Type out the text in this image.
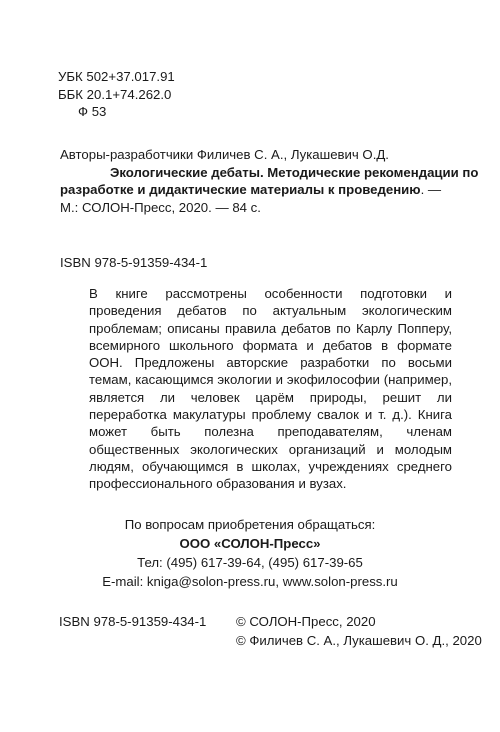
УБК 502+37.017.91
ББК 20.1+74.262.0
Ф 53
Авторы-разработчики Филичев С. А., Лукашевич О.Д.
Экологические дебаты. Методические рекомендации по
разработке и дидактические материалы к проведению. —
М.: СОЛОН-Пресс, 2020. — 84 с.
ISBN 978-5-91359-434-1

В книге рассмотрены особенности подготовки и проведения дебатов по актуальным экологическим проблемам; описаны правила дебатов по Карлу Попперу, всемирного школьного формата и дебатов в формате ООН. Предложены авторские разработки по восьми темам, касающимся экологии и экофилософии (например, является ли человек царём природы, решит ли переработка макулатуры проблему свалок и т. д.). Книга может быть полезна преподавателям, членам общественных экологических организаций и молодым людям, обучающимся в школах, учреждениях среднего профессионального образования и вузах.

По вопросам приобретения обращаться:
ООО «СОЛОН-Пресс»
Тел: (495) 617-39-64, (495) 617-39-65
E-mail: kniga@solon-press.ru, www.solon-press.ru
ISBN 978-5-91359-434-1 © СОЛОН-Пресс, 2020
© Филичев С. А., Лукашевич О. Д., 2020
